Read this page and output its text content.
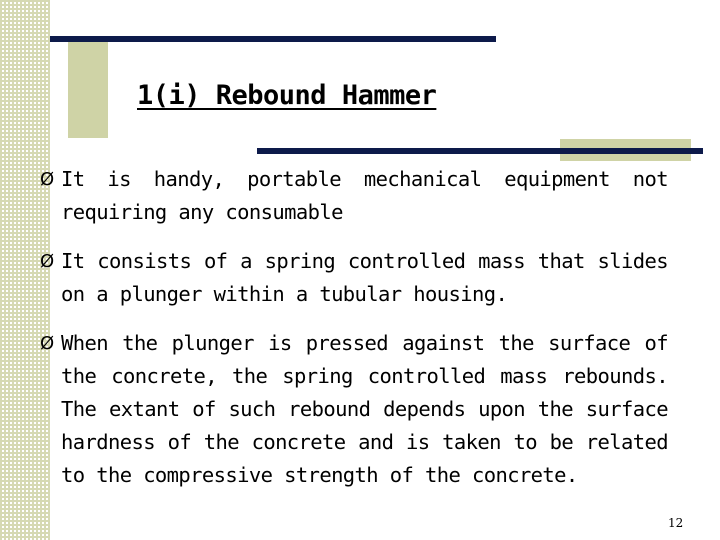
1(i) Rebound Hammer
Ø It is handy, portable mechanical equipment not requiring any consumable
Ø It consists of a spring controlled mass that slides on a plunger within a tubular housing.
Ø When the plunger is pressed against the surface of the concrete, the spring controlled mass rebounds. The extant of such rebound depends upon the surface hardness of the concrete and is taken to be related to the compressive strength of the concrete.
12
